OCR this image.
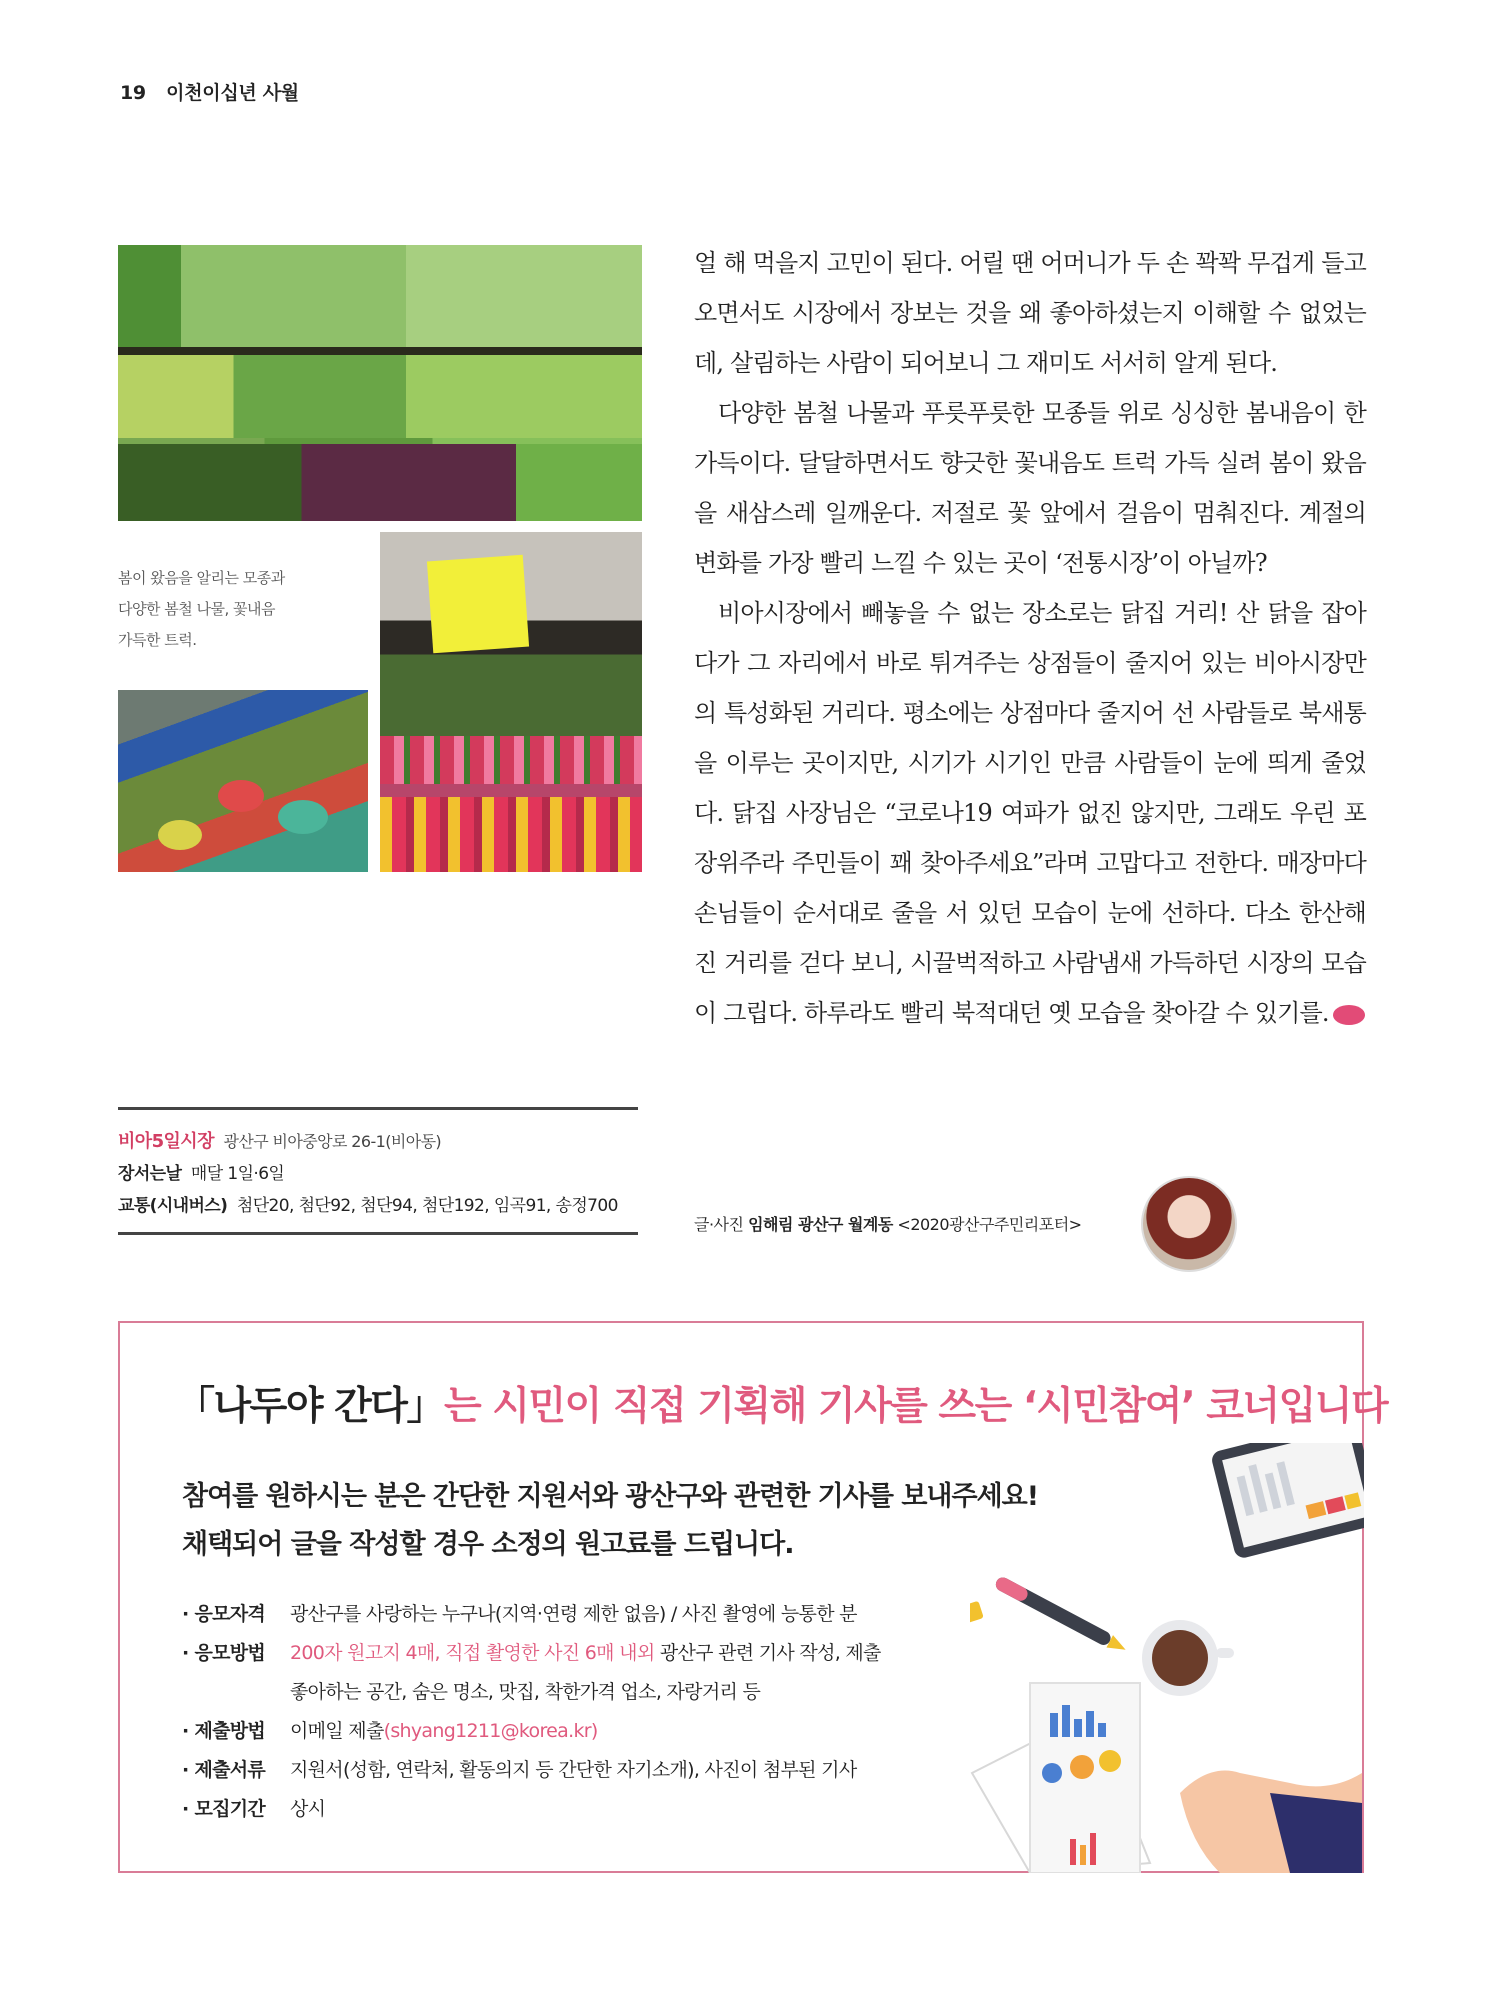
19 이천이십년 사월
봄이 왔음을 알리는 모종과
다양한 봄철 나물, 꽃내음
가득한 트럭.
비아5일시장 광산구 비아중앙로 26-1(비아동)
장서는날 매달 1일·6일
교통(시내버스) 첨단20, 첨단92, 첨단94, 첨단192, 임곡91, 송정700

얼 해 먹을지 고민이 된다. 어릴 땐 어머니가 두 손 꽉꽉 무겁게 들고 오면서도 시장에서 장보는 것을 왜 좋아하셨는지 이해할 수 없었는데, 살림하는 사람이 되어보니 그 재미도 서서히 알게 된다.

다양한 봄철 나물과 푸릇푸릇한 모종들 위로 싱싱한 봄내음이 한가득이다. 달달하면서도 향긋한 꽃내음도 트럭 가득 실려 봄이 왔음을 새삼스레 일깨운다. 저절로 꽃 앞에서 걸음이 멈춰진다. 계절의 변화를 가장 빨리 느낄 수 있는 곳이 ‘전통시장’이 아닐까?

비아시장에서 빼놓을 수 없는 장소로는 닭집 거리! 산 닭을 잡아다가 그 자리에서 바로 튀겨주는 상점들이 줄지어 있는 비아시장만의 특성화된 거리다. 평소에는 상점마다 줄지어 선 사람들로 북새통을 이루는 곳이지만, 시기가 시기인 만큼 사람들이 눈에 띄게 줄었다. 닭집 사장님은 “코로나19 여파가 없진 않지만, 그래도 우린 포장위주라 주민들이 꽤 찾아주세요”라며 고맙다고 전한다. 매장마다 손님들이 순서대로 줄을 서 있던 모습이 눈에 선하다. 다소 한산해진 거리를 걷다 보니, 시끌벅적하고 사람냄새 가득하던 시장의 모습이 그립다. 하루라도 빨리 북적대던 옛 모습을 찾아갈 수 있기를.

글·사진 임해림 광산구 월계동 <2020광산구주민리포터>
「나두야 간다」는 시민이 직접 기획해 기사를 쓰는 ‘시민참여’ 코너입니다
참여를 원하시는 분은 간단한 지원서와 광산구와 관련한 기사를 보내주세요!
채택되어 글을 작성할 경우 소정의 원고료를 드립니다.
· 응모자격	광산구를 사랑하는 누구나(지역·연령 제한 없음) / 사진 촬영에 능통한 분
· 응모방법	200자 원고지 4매, 직접 촬영한 사진 6매 내외 광산구 관련 기사 작성, 제출
좋아하는 공간, 숨은 명소, 맛집, 착한가격 업소, 자랑거리 등
· 제출방법	이메일 제출(shyang1211@korea.kr)
· 제출서류	지원서(성함, 연락처, 활동의지 등 간단한 자기소개), 사진이 첨부된 기사
· 모집기간	상시
